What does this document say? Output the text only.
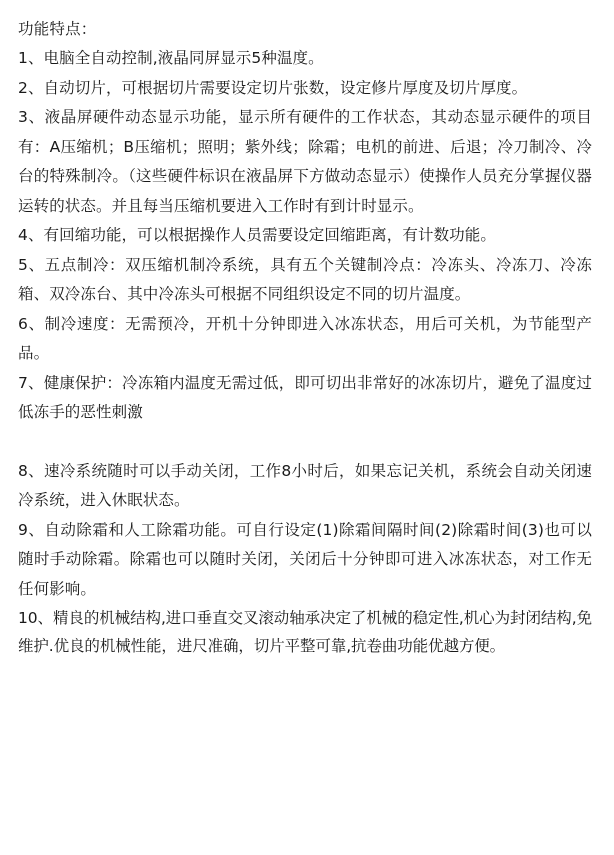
功能特点：

1、电脑全自动控制,液晶同屏显示5种温度。

2、自动切片，可根据切片需要设定切片张数，设定修片厚度及切片厚度。

3、液晶屏硬件动态显示功能，显示所有硬件的工作状态，其动态显示硬件的项目有：A压缩机；B压缩机；照明；紫外线；除霜；电机的前进、后退；冷刀制冷、冷台的特殊制冷。（这些硬件标识在液晶屏下方做动态显示）使操作人员充分掌握仪器运转的状态。并且每当压缩机要进入工作时有到计时显示。

4、有回缩功能，可以根据操作人员需要设定回缩距离，有计数功能。

5、五点制冷：双压缩机制冷系统，具有五个关键制冷点：冷冻头、冷冻刀、冷冻箱、双冷冻台、其中冷冻头可根据不同组织设定不同的切片温度。

6、制冷速度：无需预冷，开机十分钟即进入冰冻状态，用后可关机，为节能型产品。

7、健康保护：冷冻箱内温度无需过低，即可切出非常好的冰冻切片，避免了温度过低冻手的恶性刺激

8、速冷系统随时可以手动关闭，工作8小时后，如果忘记关机，系统会自动关闭速冷系统，进入休眠状态。

9、自动除霜和人工除霜功能。可自行设定(1)除霜间隔时间(2)除霜时间(3)也可以随时手动除霜。除霜也可以随时关闭，关闭后十分钟即可进入冰冻状态，对工作无任何影响。

10、精良的机械结构,进口垂直交叉滚动轴承决定了机械的稳定性,机心为封闭结构,免维护.优良的机械性能，进尺准确，切片平整可靠,抗卷曲功能优越方便。
